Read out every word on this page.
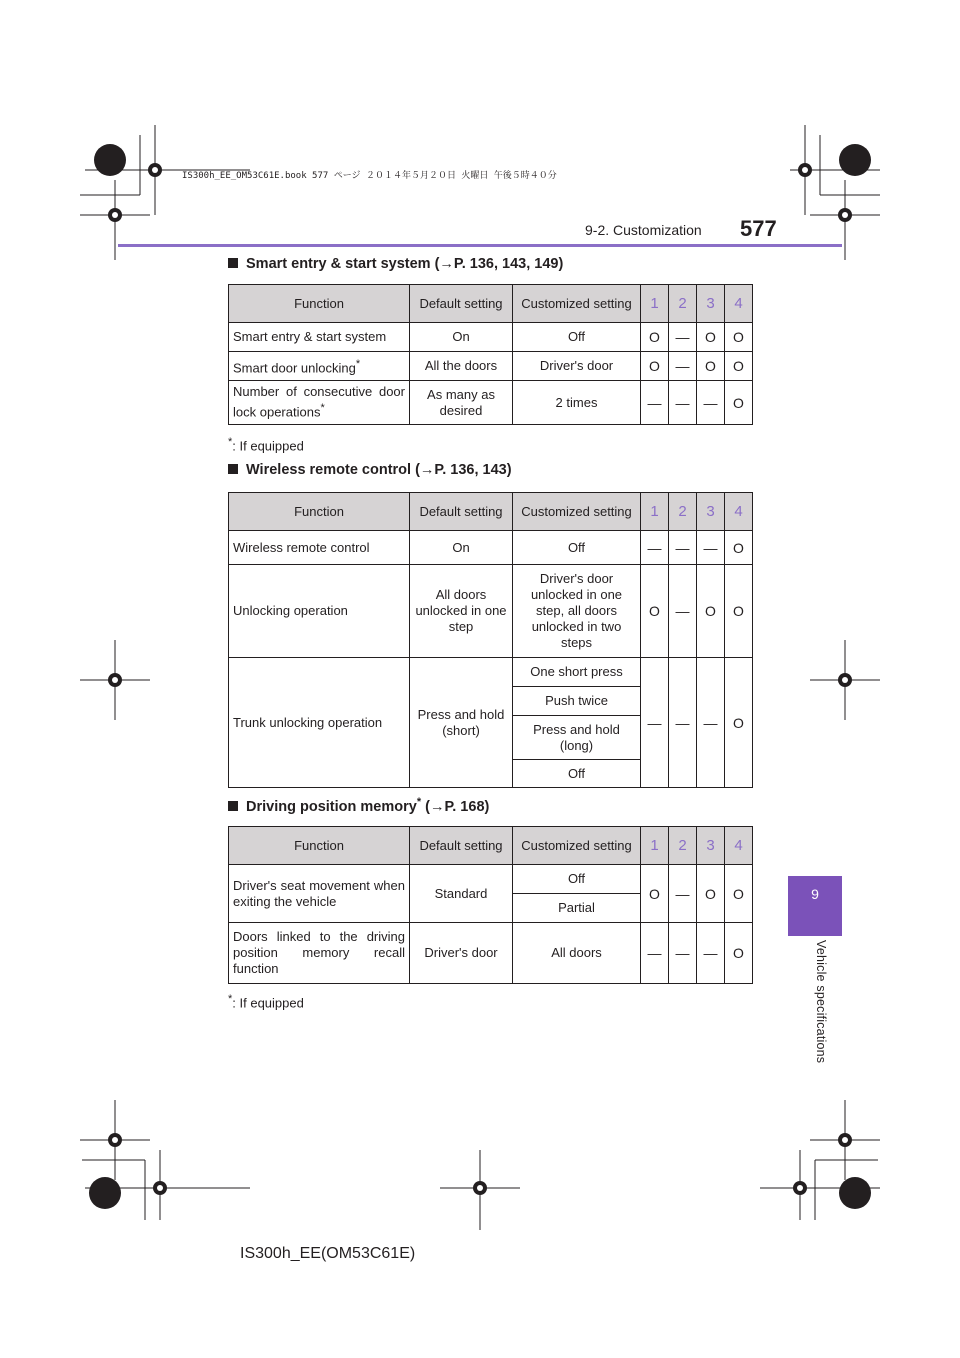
IS300h_EE_OM53C61E.book 577 ページ ２０１４年５月２０日 火曜日 午後５時４０分
9-2. Customization 577
9
Vehicle specifications
Smart entry & start system (→P. 136, 143, 149)
Function	Default setting	Customized setting	1	2	3	4
Smart entry & start system	On	Off	O	—	O	O
Smart door unlocking*	All the doors	Driver's door	O	—	O	O
Number of consecutive door lock operations*	As many as desired	2 times	—	—	—	O
*: If equipped
Wireless remote control (→P. 136, 143)
Function	Default setting	Customized setting	1	2	3	4
Wireless remote control	On	Off	—	—	—	O
Unlocking operation	All doors unlocked in one step	Driver's door unlocked in one step, all doors unlocked in two steps	O	—	O	O
Trunk unlocking operation	Press and hold (short)	One short press	—	—	—	O
		Push twice				
		Press and hold (long)				
		Off				
Driving position memory* (→P. 168)
Function	Default setting	Customized setting	1	2	3	4
Driver's seat movement when exiting the vehicle	Standard	Off	O	—	O	O
		Partial				
Doors linked to the driving position memory recall function	Driver's door	All doors	—	—	—	O
*: If equipped
IS300h_EE(OM53C61E)
